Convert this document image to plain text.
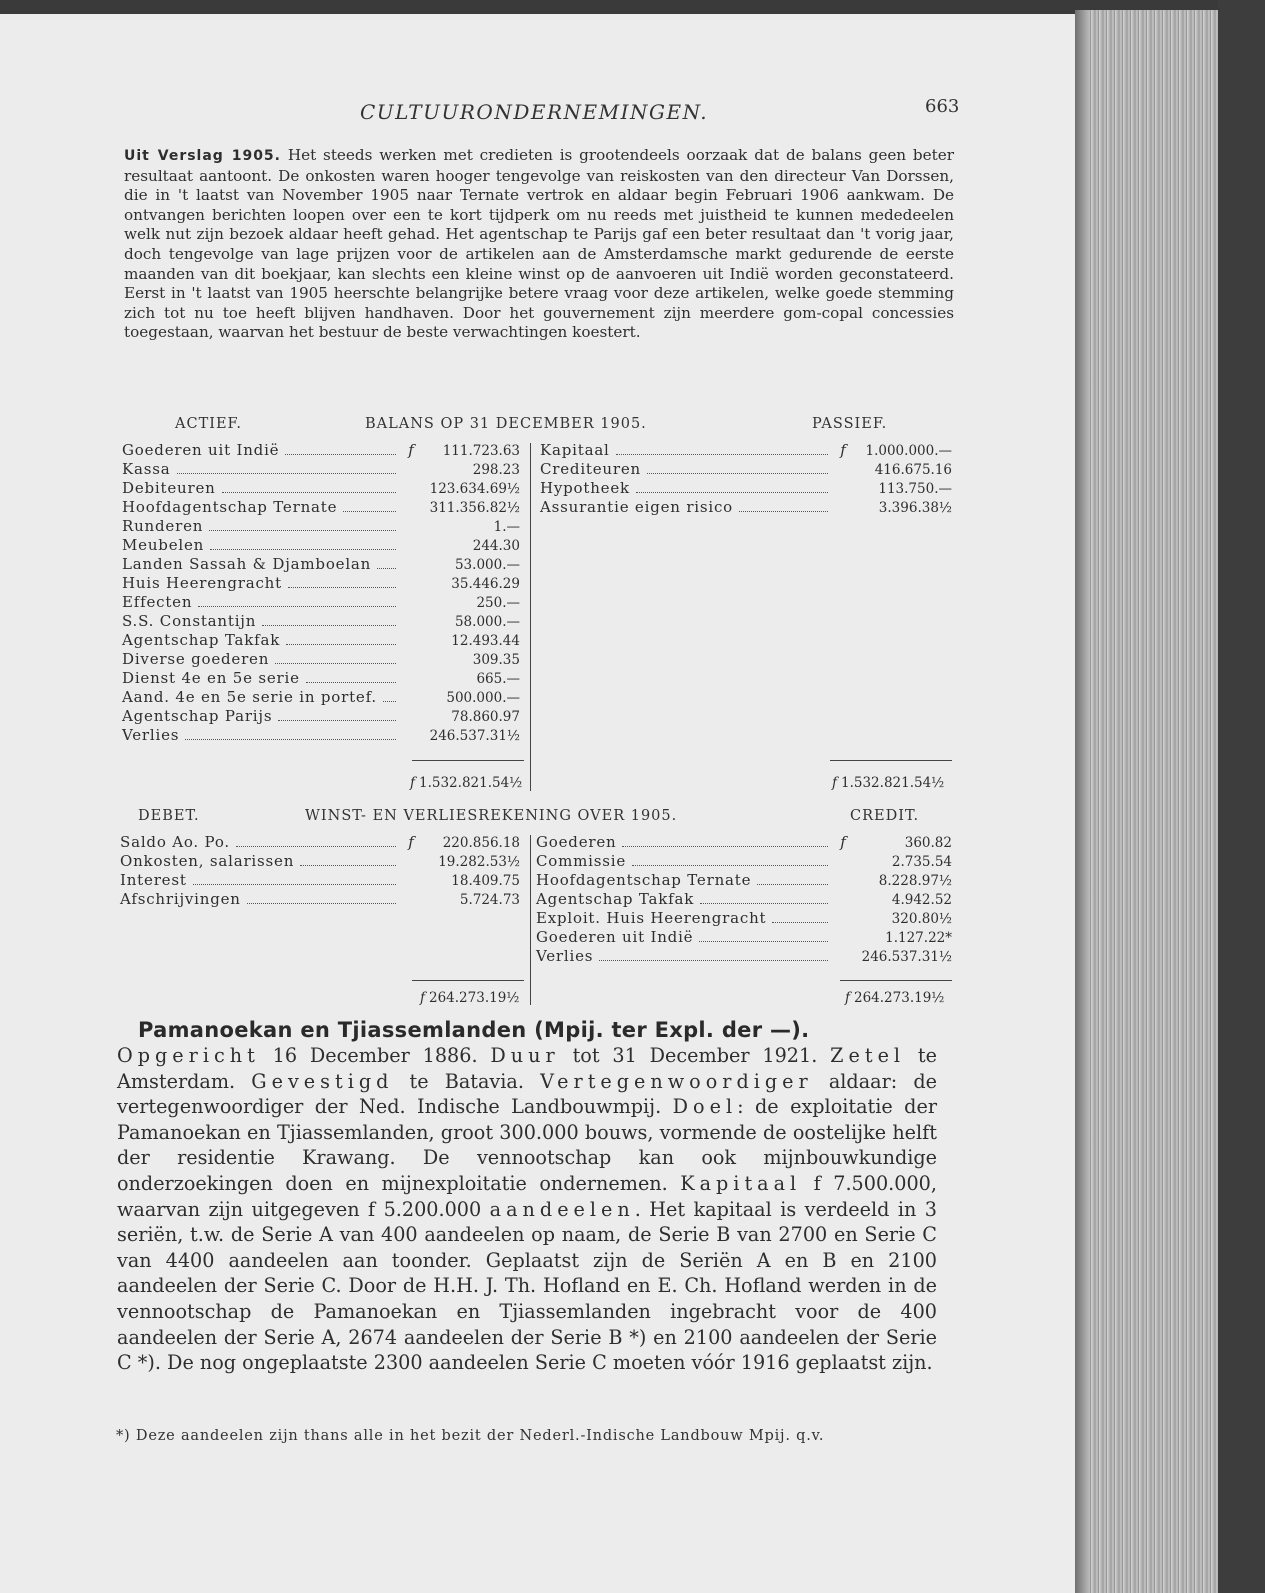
CULTUURONDERNEMINGEN.	663
Uit Verslag 1905. Het steeds werken met credieten is grootendeels oorzaak dat de balans geen beter resultaat aantoont. De onkosten waren hooger tengevolge van reiskosten van den directeur Van Dorssen, die in 't laatst van November 1905 naar Ternate vertrok en aldaar begin Februari 1906 aankwam. De ontvangen berichten loopen over een te kort tijdperk om nu reeds met juistheid te kunnen mededeelen welk nut zijn bezoek aldaar heeft gehad. Het agentschap te Parijs gaf een beter resultaat dan 't vorig jaar, doch tengevolge van lage prijzen voor de artikelen aan de Amsterdamsche markt gedurende de eerste maanden van dit boekjaar, kan slechts een kleine winst op de aanvoeren uit Indië worden geconstateerd. Eerst in 't laatst van 1905 heerschte belangrijke betere vraag voor deze artikelen, welke goede stemming zich tot nu toe heeft blijven handhaven. Door het gouvernement zijn meerdere gom-copal concessies toegestaan, waarvan het bestuur de beste verwachtingen koestert.
ACTIEF.	BALANS OP 31 DECEMBER 1905.	PASSIEF.
Goederen uit Indië	f	111.723.63
Kassa	298.23
Debiteuren	123.634.69½
Hoofdagentschap Ternate	311.356.82½
Runderen	1.—
Meubelen	244.30
Landen Sassah & Djamboelan	53.000.—
Huis Heerengracht	35.446.29
Effecten	250.—
S.S. Constantijn	58.000.—
Agentschap Takfak	12.493.44
Diverse goederen	309.35
Dienst 4e en 5e serie	665.—
Aand. 4e en 5e serie in portef.	500.000.—
Agentschap Parijs	78.860.97
Verlies	246.537.31½
Kapitaal	f	1.000.000.—
Crediteuren	416.675.16
Hypotheek	113.750.—
Assurantie eigen risico	3.396.38½
f 1.532.821.54½	f 1.532.821.54½
DEBET.	WINST- EN VERLIESREKENING OVER 1905.	CREDIT.
Saldo Ao. Po.	f	220.856.18
Onkosten, salarissen	19.282.53½
Interest	18.409.75
Afschrijvingen	5.724.73
Goederen	f	360.82
Commissie	2.735.54
Hoofdagentschap Ternate	8.228.97½
Agentschap Takfak	4.942.52
Exploit. Huis Heerengracht	320.80½
Goederen uit Indië	1.127.22*
Verlies	246.537.31½
f 264.273.19½	f 264.273.19½
Pamanoekan en Tjiassemlanden (Mpij. ter Expl. der —).
Opgericht 16 December 1886. Duur tot 31 December 1921. Zetel te Amsterdam. Gevestigd te Batavia. Vertegenwoordiger aldaar: de vertegenwoordiger der Ned. Indische Landbouwmpij. Doel: de exploitatie der Pamanoekan en Tjiassemlanden, groot 300.000 bouws, vormende de oostelijke helft der residentie Krawang. De vennootschap kan ook mijnbouwkundige onderzoekingen doen en mijnexploitatie ondernemen. Kapitaal f 7.500.000, waarvan zijn uitgegeven f 5.200.000 aandeelen. Het kapitaal is verdeeld in 3 seriën, t.w. de Serie A van 400 aandeelen op naam, de Serie B van 2700 en Serie C van 4400 aandeelen aan toonder. Geplaatst zijn de Seriën A en B en 2100 aandeelen der Serie C. Door de H.H. J. Th. Hofland en E. Ch. Hofland werden in de vennootschap de Pamanoekan en Tjiassemlanden ingebracht voor de 400 aandeelen der Serie A, 2674 aandeelen der Serie B *) en 2100 aandeelen der Serie C *). De nog ongeplaatste 2300 aandeelen Serie C moeten vóór 1916 geplaatst zijn.
*) Deze aandeelen zijn thans alle in het bezit der Nederl.-Indische Landbouw Mpij. q.v.
